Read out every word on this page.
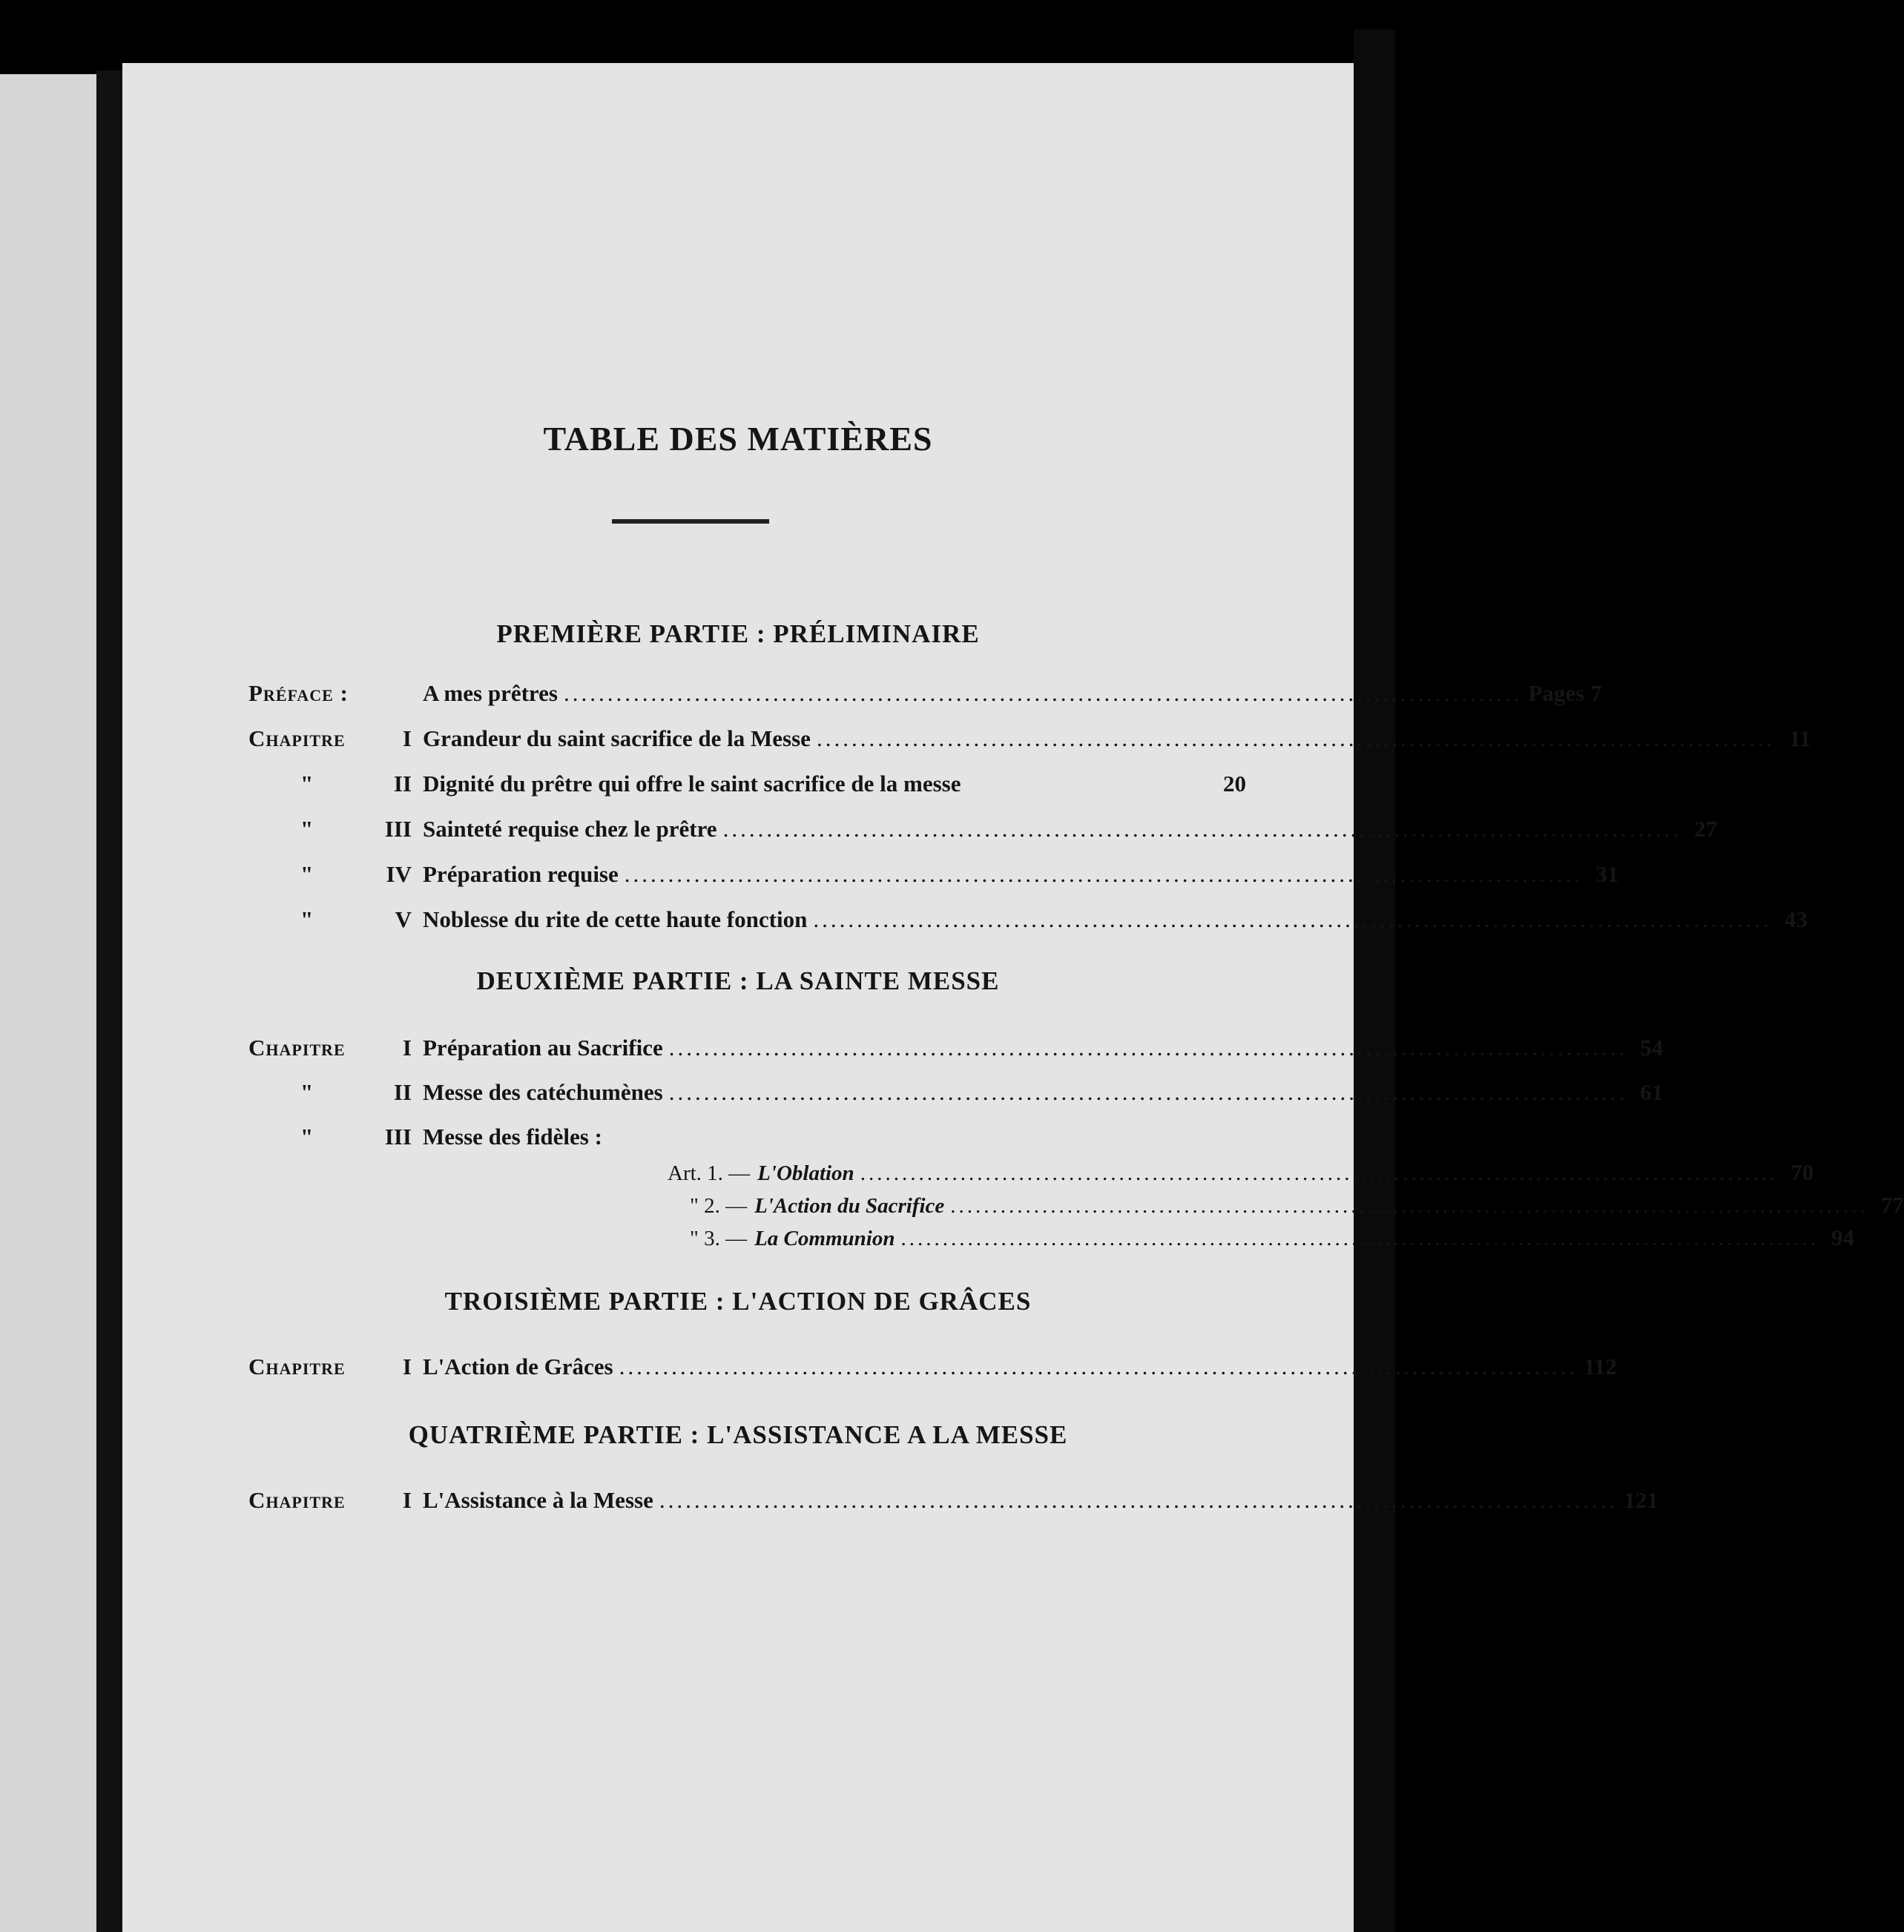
TABLE DES MATIÈRES
PREMIÈRE PARTIE : PRÉLIMINAIRE
Préface :	A mes prêtres .............................................................................................................. Pages 7
Chapitre	I Grandeur du saint sacrifice de la Messe .............................................................................................................. 11
"	II Dignité du prêtre qui offre le saint sacrifice de la messe	20
"	III Sainteté requise chez le prêtre .............................................................................................................. 27
"	IV Préparation requise .............................................................................................................. 31
"	V Noblesse du rite de cette haute fonction .............................................................................................................. 43
DEUXIÈME PARTIE : LA SAINTE MESSE
Chapitre	I Préparation au Sacrifice .............................................................................................................. 54
"	II Messe des catéchumènes .............................................................................................................. 61
"	III Messe des fidèles :
Art. 1. — L'Oblation .............................................................................................................. 70
" 2. — L'Action du Sacrifice .............................................................................................................. 77
" 3. — La Communion .............................................................................................................. 94
TROISIÈME PARTIE : L'ACTION DE GRÂCES
Chapitre	I L'Action de Grâces .............................................................................................................. 112
QUATRIÈME PARTIE : L'ASSISTANCE A LA MESSE
Chapitre	I L'Assistance à la Messe .............................................................................................................. 121
